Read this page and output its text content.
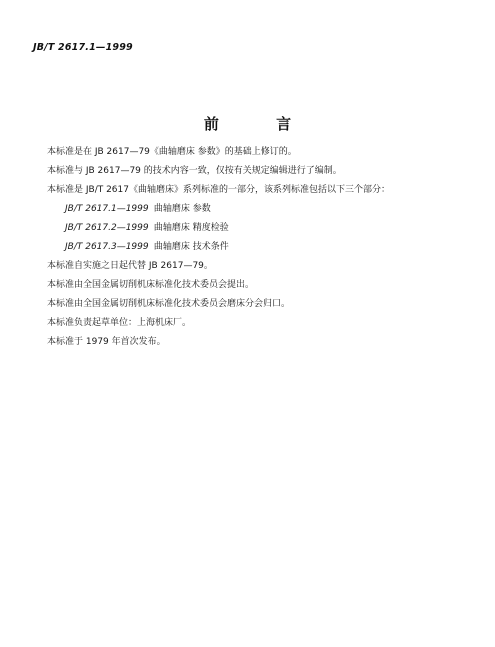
JB/T 2617.1—1999
前 言
本标准是在 JB 2617—79《曲轴磨床 参数》的基础上修订的。
本标准与 JB 2617—79 的技术内容一致，仅按有关规定编辑进行了编制。
本标准是 JB/T 2617《曲轴磨床》系列标准的一部分，该系列标准包括以下三个部分：
JB/T 2617.1—1999 曲轴磨床 参数
JB/T 2617.2—1999 曲轴磨床 精度检验
JB/T 2617.3—1999 曲轴磨床 技术条件
本标准自实施之日起代替 JB 2617—79。
本标准由全国金属切削机床标准化技术委员会提出。
本标准由全国金属切削机床标准化技术委员会磨床分会归口。
本标准负责起草单位：上海机床厂。
本标准于 1979 年首次发布。
